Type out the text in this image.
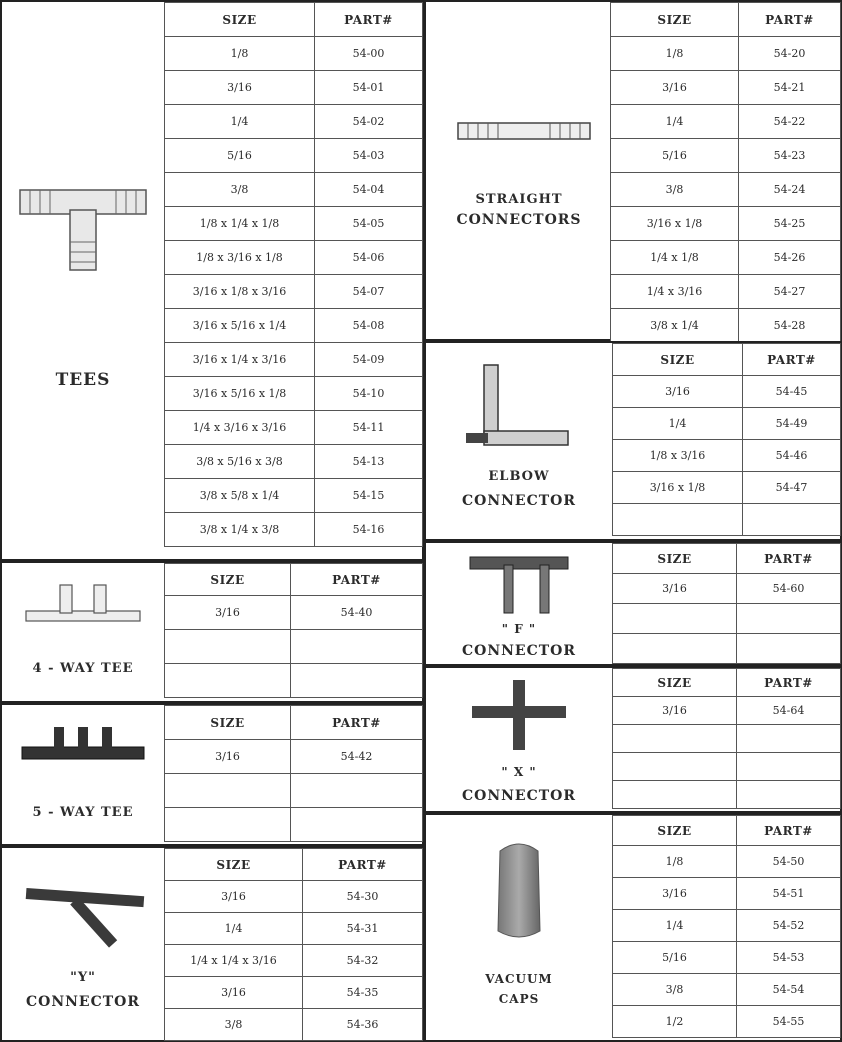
TEES
SIZE	PART#
1/8	54-00
3/16	54-01
1/4	54-02
5/16	54-03
3/8	54-04
1/8 x 1/4 x 1/8	54-05
1/8 x 3/16 x 1/8	54-06
3/16 x 1/8 x 3/16	54-07
3/16 x 5/16 x 1/4	54-08
3/16 x 1/4 x 3/16	54-09
3/16 x 5/16 x 1/8	54-10
1/4 x 3/16 x 3/16	54-11
3/8 x 5/16 x 3/8	54-13
3/8 x 5/8 x 1/4	54-15
3/8 x 1/4 x 3/8	54-16
4 - WAY TEE
SIZE	PART#
3/16	54-40

5 - WAY TEE
SIZE	PART#
3/16	54-42

"Y"
CONNECTOR
SIZE	PART#
3/16	54-30
1/4	54-31
1/4 x 1/4 x 3/16	54-32
3/16	54-35
3/8	54-36
STRAIGHT
CONNECTORS
SIZE	PART#
1/8	54-20
3/16	54-21
1/4	54-22
5/16	54-23
3/8	54-24
3/16 x 1/8	54-25
1/4 x 1/8	54-26
1/4 x 3/16	54-27
3/8 x 1/4	54-28
ELBOW
CONNECTOR
SIZE	PART#
3/16	54-45
1/4	54-49
1/8 x 3/16	54-46
3/16 x 1/8	54-47

" F "
CONNECTOR
SIZE	PART#
3/16	54-60

" X "
CONNECTOR
SIZE	PART#
3/16	54-64

VACUUM
CAPS
SIZE	PART#
1/8	54-50
3/16	54-51
1/4	54-52
5/16	54-53
3/8	54-54
1/2	54-55
